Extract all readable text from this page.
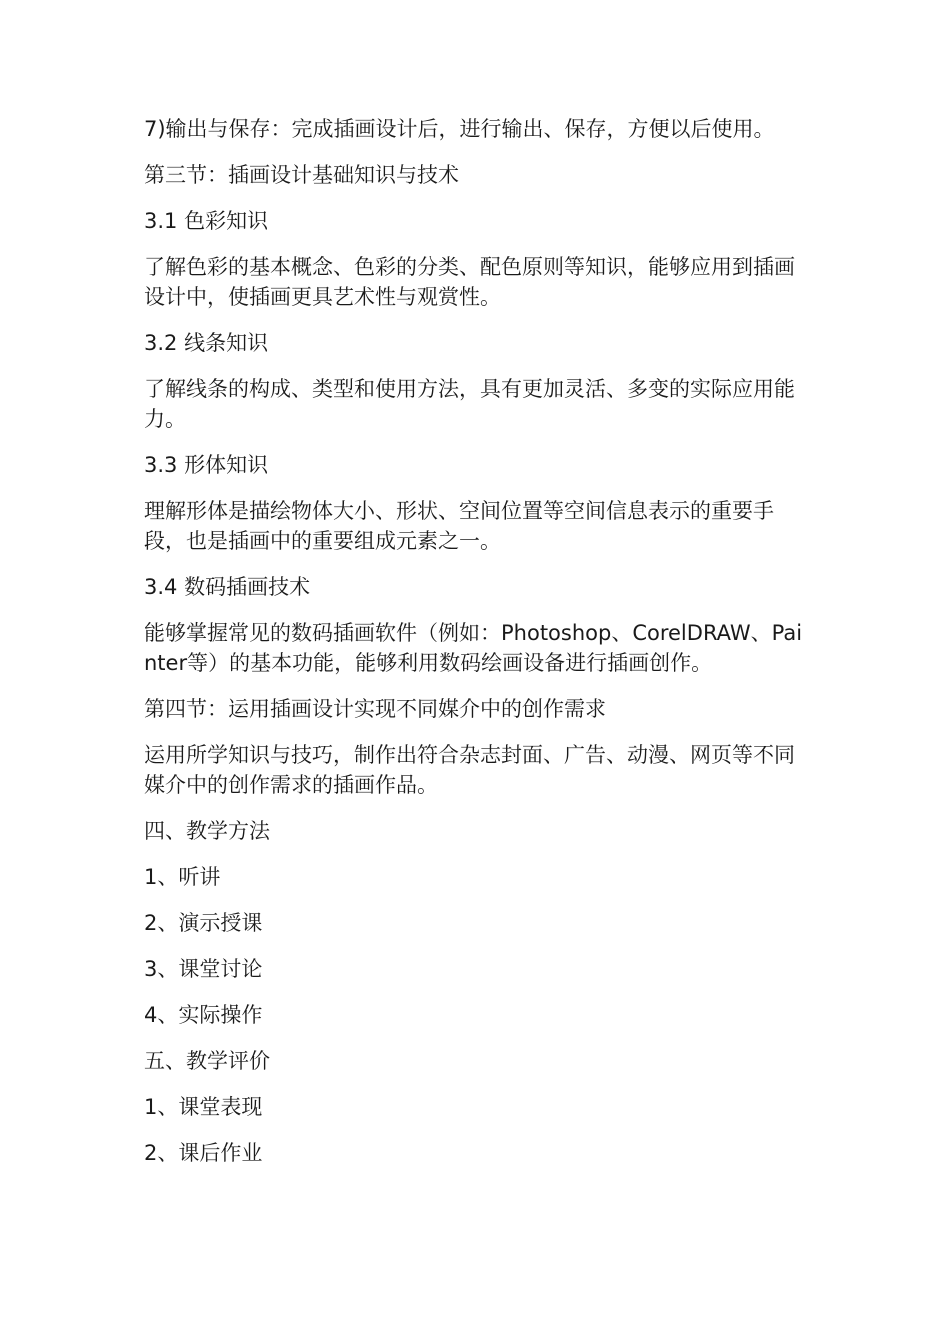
7)输出与保存：完成插画设计后，进行输出、保存，方便以后使用。

第三节：插画设计基础知识与技术

3.1 色彩知识

了解色彩的基本概念、色彩的分类、配色原则等知识，能够应用到插画设计中，使插画更具艺术性与观赏性。

3.2 线条知识

了解线条的构成、类型和使用方法，具有更加灵活、多变的实际应用能力。

3.3 形体知识

理解形体是描绘物体大小、形状、空间位置等空间信息表示的重要手段，也是插画中的重要组成元素之一。

3.4 数码插画技术

能够掌握常见的数码插画软件（例如：Photoshop、CorelDRAW、Painter等）的基本功能，能够利用数码绘画设备进行插画创作。

第四节：运用插画设计实现不同媒介中的创作需求

运用所学知识与技巧，制作出符合杂志封面、广告、动漫、网页等不同媒介中的创作需求的插画作品。

四、教学方法

1、听讲

2、演示授课

3、课堂讨论

4、实际操作

五、教学评价

1、课堂表现

2、课后作业
